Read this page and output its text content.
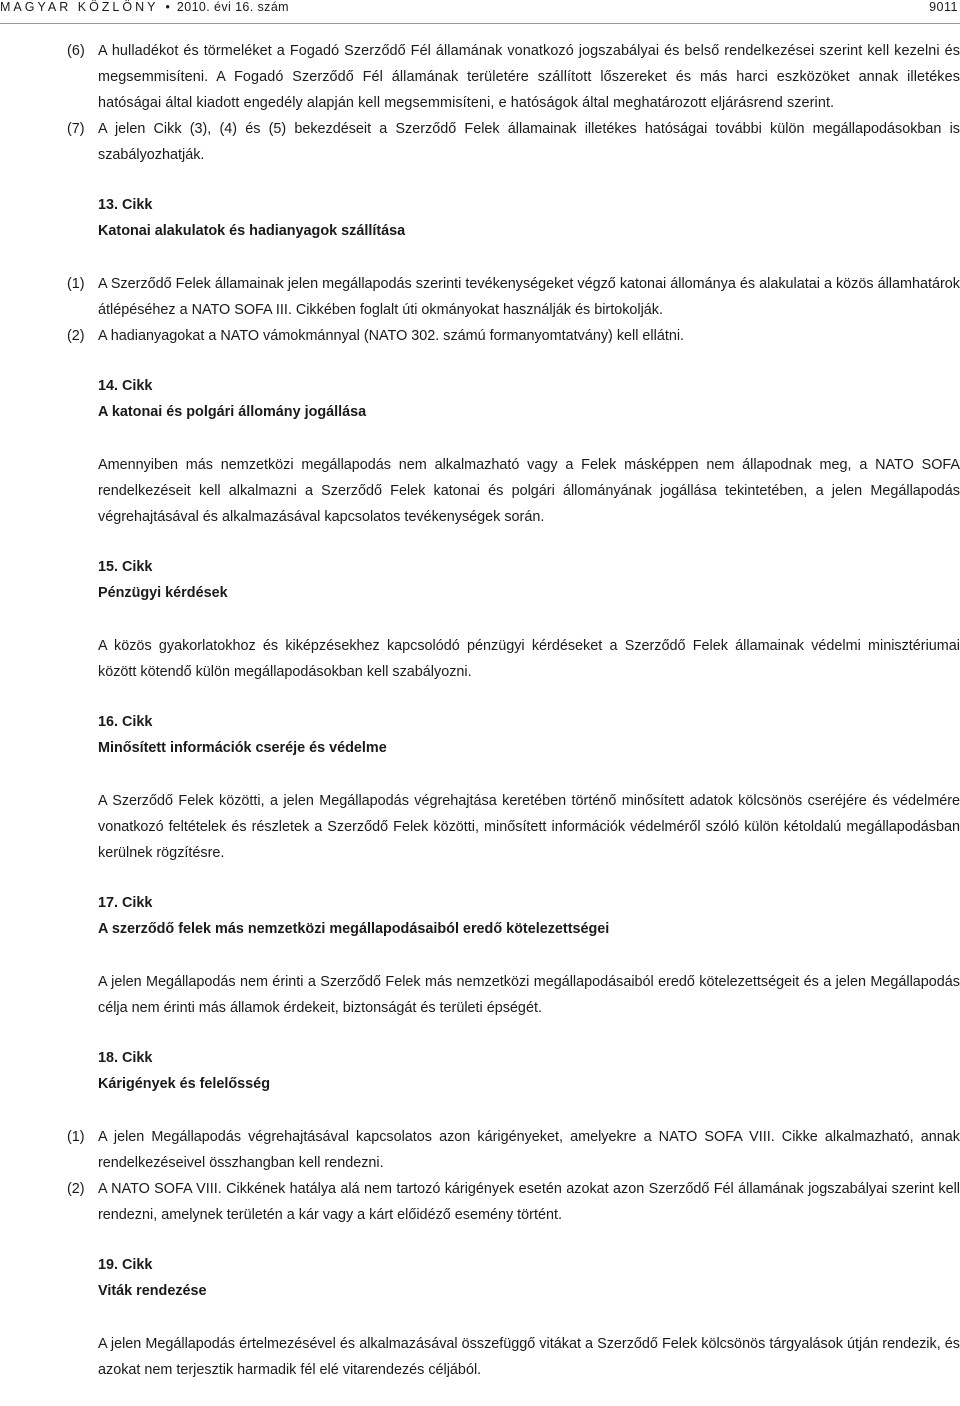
MAGYAR KÖZLÖNY • 2010. évi 16. szám	9011

(6) A hulladékot és törmeléket a Fogadó Szerződő Fél államának vonatkozó jogszabályai és belső rendelkezései szerint kell kezelni és megsemmisíteni. A Fogadó Szerződő Fél államának területére szállított lőszereket és más harci eszközöket annak illetékes hatóságai által kiadott engedély alapján kell megsemmisíteni, e hatóságok által meghatározott eljárásrend szerint.

(7) A jelen Cikk (3), (4) és (5) bekezdéseit a Szerződő Felek államainak illetékes hatóságai további külön megállapodásokban is szabályozhatják.

13. Cikk
Katonai alakulatok és hadianyagok szállítása

(1) A Szerződő Felek államainak jelen megállapodás szerinti tevékenységeket végző katonai állománya és alakulatai a közös államhatárok átlépéséhez a NATO SOFA III. Cikkében foglalt úti okmányokat használják és birtokolják.

(2) A hadianyagokat a NATO vámokmánnyal (NATO 302. számú formanyomtatvány) kell ellátni.

14. Cikk
A katonai és polgári állomány jogállása

Amennyiben más nemzetközi megállapodás nem alkalmazható vagy a Felek másképpen nem állapodnak meg, a NATO SOFA rendelkezéseit kell alkalmazni a Szerződő Felek katonai és polgári állományának jogállása tekintetében, a jelen Megállapodás végrehajtásával és alkalmazásával kapcsolatos tevékenységek során.

15. Cikk
Pénzügyi kérdések

A közös gyakorlatokhoz és kiképzésekhez kapcsolódó pénzügyi kérdéseket a Szerződő Felek államainak védelmi minisztériumai között kötendő külön megállapodásokban kell szabályozni.

16. Cikk
Minősített információk cseréje és védelme

A Szerződő Felek közötti, a jelen Megállapodás végrehajtása keretében történő minősített adatok kölcsönös cseréjére és védelmére vonatkozó feltételek és részletek a Szerződő Felek közötti, minősített információk védelméről szóló külön kétoldalú megállapodásban kerülnek rögzítésre.

17. Cikk
A szerződő felek más nemzetközi megállapodásaiból eredő kötelezettségei

A jelen Megállapodás nem érinti a Szerződő Felek más nemzetközi megállapodásaiból eredő kötelezettségeit és a jelen Megállapodás célja nem érinti más államok érdekeit, biztonságát és területi épségét.

18. Cikk
Kárigények és felelősség

(1) A jelen Megállapodás végrehajtásával kapcsolatos azon kárigényeket, amelyekre a NATO SOFA VIII. Cikke alkalmazható, annak rendelkezéseivel összhangban kell rendezni.

(2) A NATO SOFA VIII. Cikkének hatálya alá nem tartozó kárigények esetén azokat azon Szerződő Fél államának jogszabályai szerint kell rendezni, amelynek területén a kár vagy a kárt előidéző esemény történt.

19. Cikk
Viták rendezése

A jelen Megállapodás értelmezésével és alkalmazásával összefüggő vitákat a Szerződő Felek kölcsönös tárgyalások útján rendezik, és azokat nem terjesztik harmadik fél elé vitarendezés céljából.
